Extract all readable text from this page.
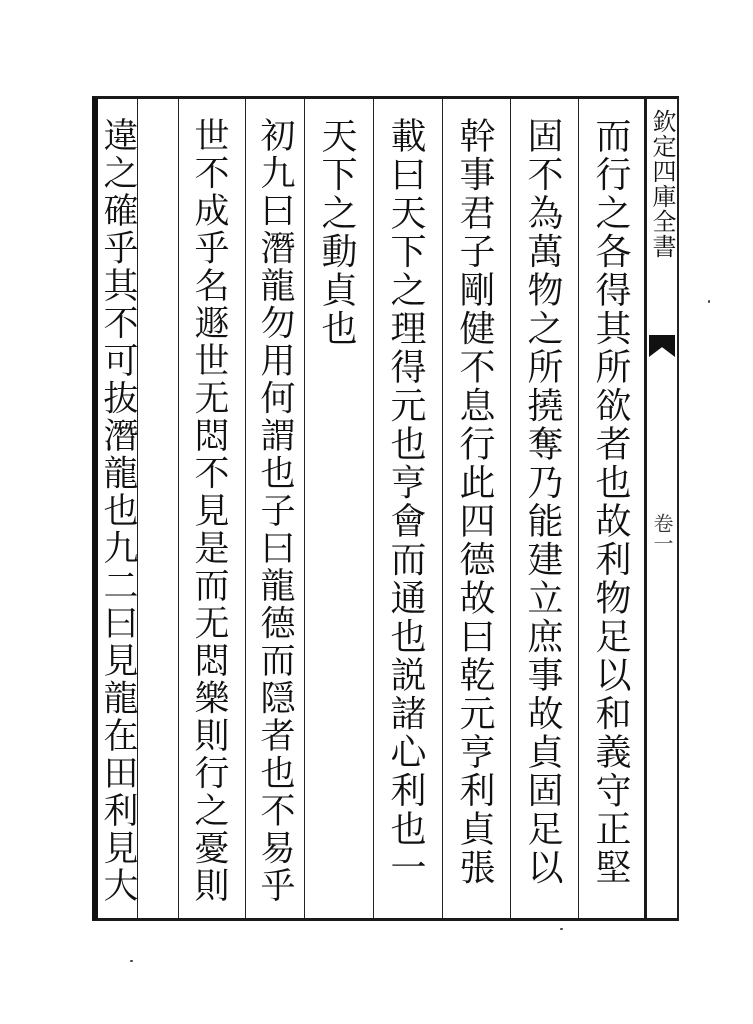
而行之各得其所欲者也故利物足以和義守正堅
固不為萬物之所撓奪乃能建立庶事故貞固足以
幹事君子剛健不息行此四德故曰乾元亨利貞張
載曰天下之理得元也亨會而通也説諸心利也一
天下之動貞也
初九曰潛龍勿用何謂也子曰龍德而隠者也不易乎
世不成乎名遯世无悶不見是而无悶樂則行之憂則
違之確乎其不可抜潛龍也九二曰見龍在田利見大	欽定四庫全書
卷一
